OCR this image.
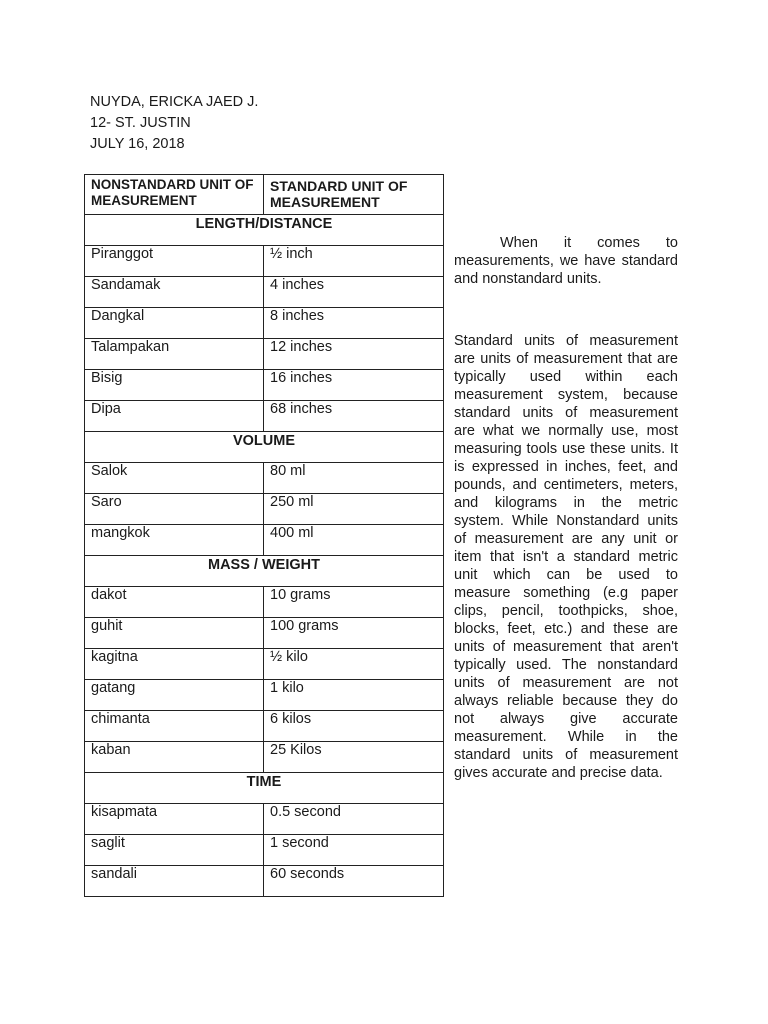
NUYDA, ERICKA JAED J.
12- ST. JUSTIN
JULY 16, 2018
NONSTANDARD UNIT OF MEASUREMENT	STANDARD UNIT OF MEASUREMENT
LENGTH/DISTANCE	
Piranggot	½ inch
Sandamak	4 inches
Dangkal	8 inches
Talampakan	12 inches
Bisig	16 inches
Dipa	68 inches
VOLUME	
Salok	80 ml
Saro	250 ml
mangkok	400 ml
MASS / WEIGHT	
dakot	10 grams
guhit	100 grams
kagitna	½ kilo
gatang	1 kilo
chimanta	6 kilos
kaban	25 Kilos
TIME	
kisapmata	0.5 second
saglit	1 second
sandali	60 seconds
When it comes to measurements, we have standard and nonstandard units.
Standard units of measurement are units of measurement that are typically used within each measurement system, because standard units of measurement are what we normally use, most measuring tools use these units. It is expressed in inches, feet, and pounds, and centimeters, meters, and kilograms in the metric system. While Nonstandard units of measurement are any unit or item that isn't a standard metric unit which can be used to measure something (e.g paper clips, pencil, toothpicks, shoe, blocks, feet, etc.) and these are units of measurement that aren't typically used. The nonstandard units of measurement are not always reliable because they do not always give accurate measurement. While in the standard units of measurement gives accurate and precise data.
